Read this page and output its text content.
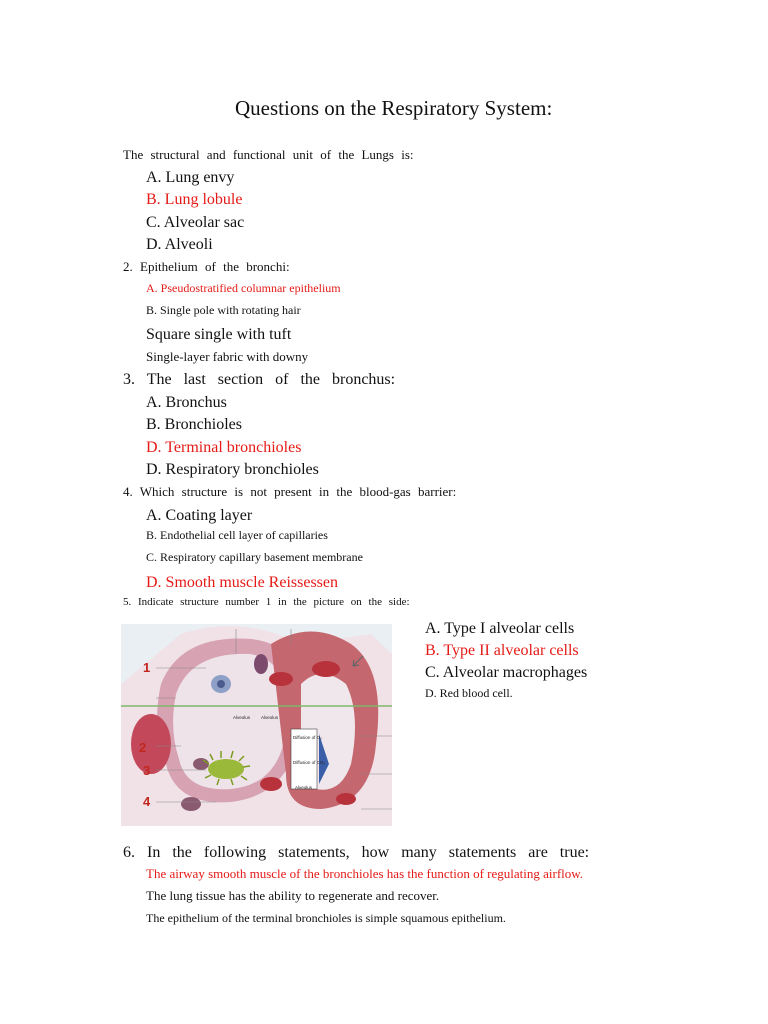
Questions on the Respiratory System:
The structural and functional unit of the Lungs is:
A. Lung envy
B. Lung lobule
C. Alveolar sac
D. Alveoli
2. Epithelium of the bronchi:
A. Pseudostratified columnar epithelium
B. Single pole with rotating hair
Square single with tuft
Single-layer fabric with downy
3. The last section of the bronchus:
A. Bronchus
B. Bronchioles
D. Terminal bronchioles
D. Respiratory bronchioles
4. Which structure is not present in the blood-gas barrier:
A. Coating layer
B. Endothelial cell layer of capillaries
C. Respiratory capillary basement membrane
D. Smooth muscle Reissessen
5. Indicate structure number 1 in the picture on the side:
A. Type I alveolar cells
B. Type II alveolar cells
C. Alveolar macrophages
D. Red blood cell.
Diffusion of O₂
Diffusion of CO₂
Alveolus
Alveolus Alveolus
1
2
3
4
6. In the following statements, how many statements are true:
The airway smooth muscle of the bronchioles has the function of regulating airflow.
The lung tissue has the ability to regenerate and recover.
The epithelium of the terminal bronchioles is simple squamous epithelium.
